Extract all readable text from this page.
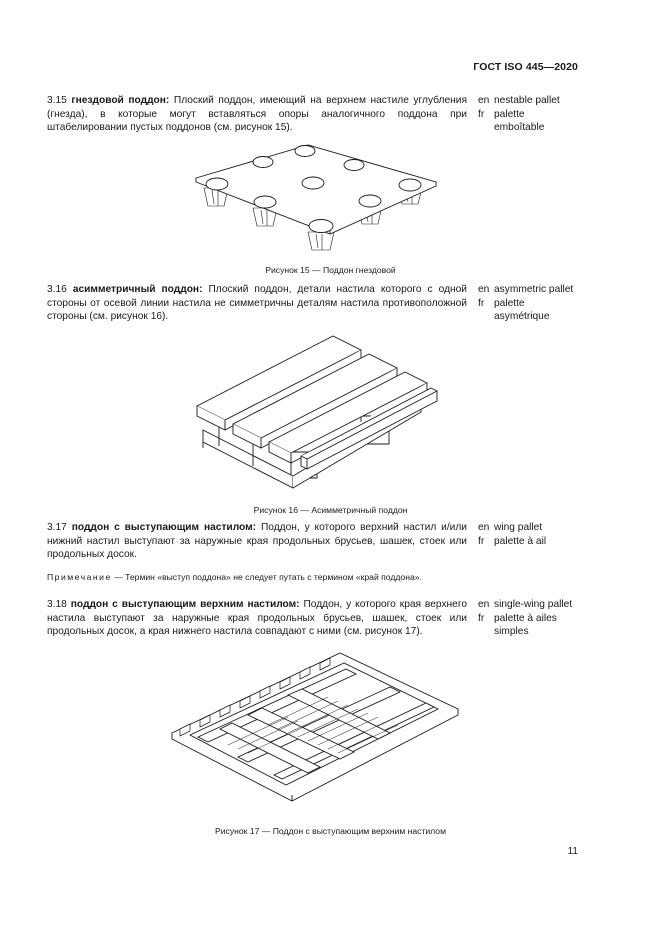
ГОСТ ISO 445—2020
3.15 гнездовой поддон: Плоский поддон, имеющий на верхнем настиле углубления (гнезда), в которые могут вставляться опоры аналогичного поддона при штабелировании пустых поддонов (см. рисунок 15).
en nestable pallet
fr palette
emboîtable
Рисунок 15 — Поддон гнездовой
3.16 асимметричный поддон: Плоский поддон, детали настила которого с одной стороны от осевой линии настила не симметричны деталям настила противоположной стороны (см. рисунок 16).
en asymmetric pallet
fr palette
asymétrique
Рисунок 16 — Асимметричный поддон
3.17 поддон с выступающим настилом: Поддон, у которого верхний настил и/или нижний настил выступают за наружные края продольных брусьев, шашек, стоек или продольных досок.
en wing pallet
fr palette à ail
Примечание — Термин «выступ поддона» не следует путать с термином «край поддона».
3.18 поддон с выступающим верхним настилом: Поддон, у которого края верхнего настила выступают за наружные края продольных брусьев, шашек, стоек или продольных досок, а края нижнего настила совпадают с ними (см. рисунок 17).
en single-wing pallet
fr palette à ailes
simples
Рисунок 17 — Поддон с выступающим верхним настилом
11
